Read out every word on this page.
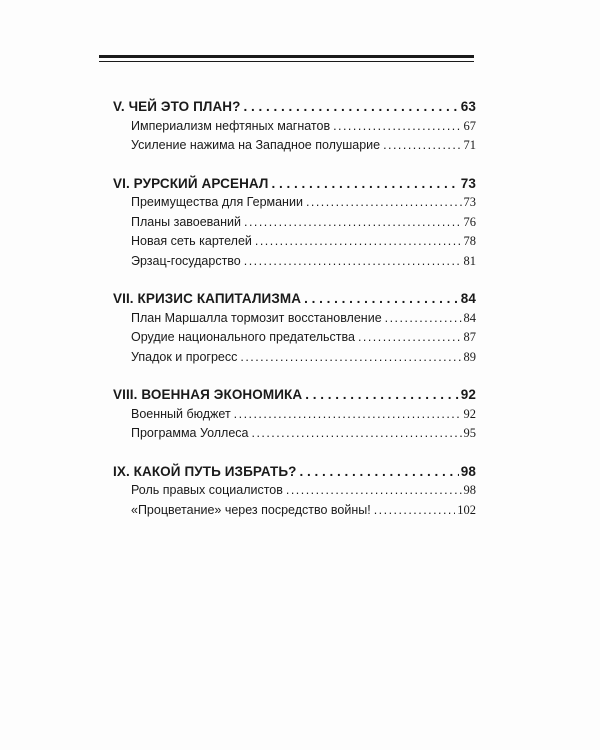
V. ЧЕЙ ЭТО ПЛАН? . . .	63
Империализм нефтяных магнатов . . .	67
Усиление нажима на Западное полушарие . . .	71
VI. РУРСКИЙ АРСЕНАЛ . . .	73
Преимущества для Германии . . .	73
Планы завоеваний . . .	76
Новая сеть картелей . . .	78
Эрзац-государство . . .	81
VII. КРИЗИС КАПИТАЛИЗМА . . .	84
План Маршалла тормозит восстановление . . .	84
Орудие национального предательства . . .	87
Упадок и прогресс . . .	89
VIII. ВОЕННАЯ ЭКОНОМИКА . . .	92
Военный бюджет . . .	92
Программа Уоллеса . . .	95
IX. КАКОЙ ПУТЬ ИЗБРАТЬ? . . .	98
Роль правых социалистов . . .	98
«Процветание» через посредство войны! . . .	102
